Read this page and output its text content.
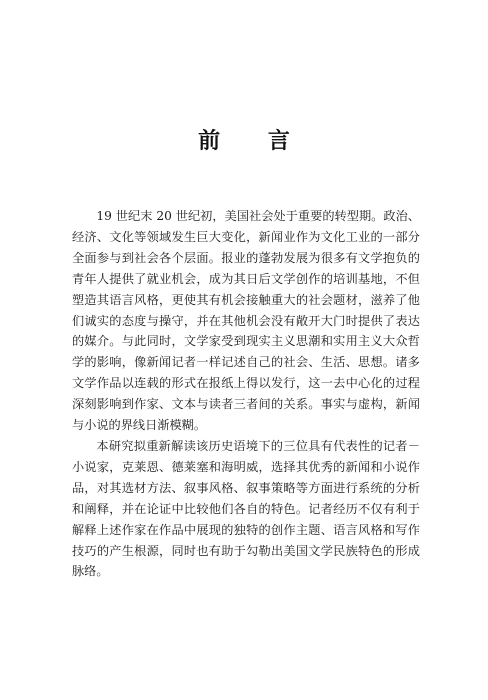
前 言

19 世纪末 20 世纪初，美国社会处于重要的转型期。政治、经济、文化等领域发生巨大变化，新闻业作为文化工业的一部分全面参与到社会各个层面。报业的蓬勃发展为很多有文学抱负的青年人提供了就业机会，成为其日后文学创作的培训基地，不但塑造其语言风格，更使其有机会接触重大的社会题材，滋养了他们诚实的态度与操守，并在其他机会没有敞开大门时提供了表达的媒介。与此同时，文学家受到现实主义思潮和实用主义大众哲学的影响，像新闻记者一样记述自己的社会、生活、思想。诸多文学作品以连载的形式在报纸上得以发行，这一去中心化的过程深刻影响到作家、文本与读者三者间的关系。事实与虚构，新闻与小说的界线日渐模糊。

本研究拟重新解读该历史语境下的三位具有代表性的记者－小说家，克莱恩、德莱塞和海明威，选择其优秀的新闻和小说作品，对其选材方法、叙事风格、叙事策略等方面进行系统的分析和阐释，并在论证中比较他们各自的特色。记者经历不仅有利于解释上述作家在作品中展现的独特的创作主题、语言风格和写作技巧的产生根源，同时也有助于勾勒出美国文学民族特色的形成脉络。
